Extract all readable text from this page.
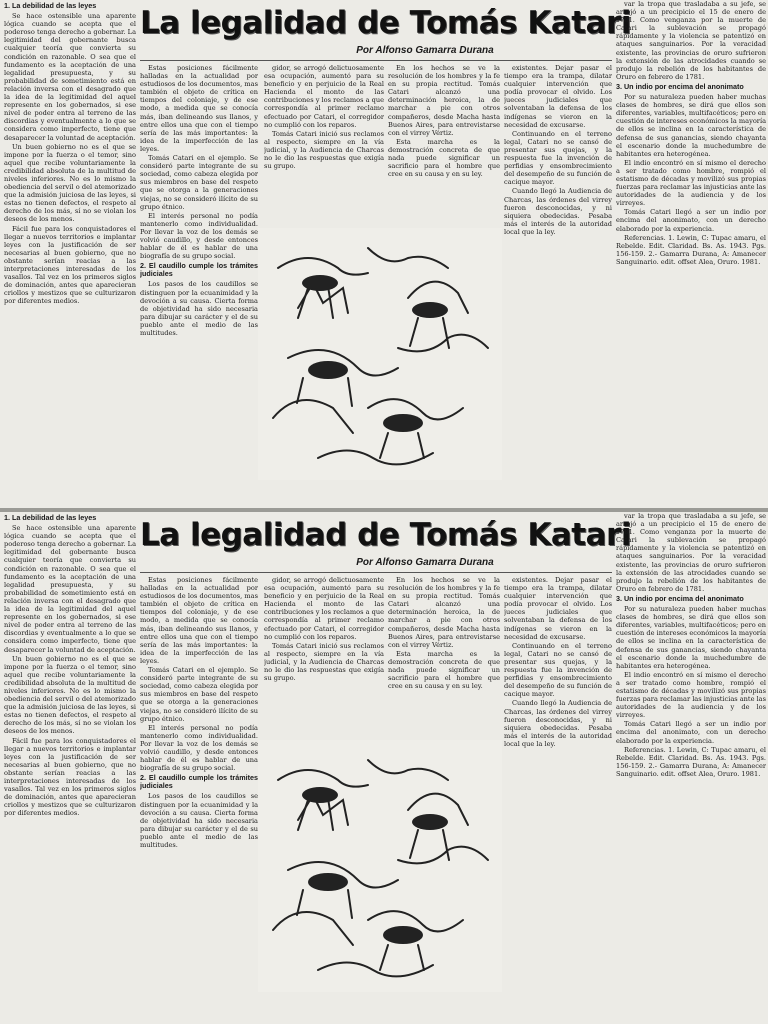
1. La debilidad de las leyes

Se hace ostensible una aparente lógica cuando se acepta que el poderoso tenga derecho a gobernar. La legitimidad del gobernante busca cualquier teoría que convierta su condición en razonable. O sea que el fundamento es la aceptación de una legalidad presupuesta, y su probabilidad de sometimiento está en relación inversa con el desagrado que la idea de la legitimidad del aquel represente en los gobernados, si ese nivel de poder entra al terreno de las discordias y eventualmente a lo que se considera como imperfecto, tiene que desaparecer la voluntad de aceptación.

Un buen gobierno no es el que se impone por la fuerza o el temor, sino aquel que recibe voluntariamente la credibilidad absoluta de la multitud de niveles inferiores. No es lo mismo la obediencia del servil o del atemorizado que la admisión juiciosa de las leyes, si estas no tienen defectos, el respeto al derecho de los más, sí no se violan los deseos de los menos.

Fácil fue para los conquistadores el llegar a nuevos territorios e implantar leyes con la justificación de ser necesarias al buen gobierno, que no obstante serían reacias a las interpretaciones interesadas de los vasallos. Tal vez en los primeros siglos de dominación, antes que aparecieran criollos y mestizos que se culturizaron por diferentes medios.

La legalidad de Tomás Katari
Por Alfonso Gamarra Durana

Estas posiciones fácilmente halladas en la actualidad por estudiosos de los documentos, mas también el objeto de crítica en tiempos del coloniaje, y de ese modo, a medida que se conocía más, iban delineando sus llanos, y entre ellos una que con el tiempo sería de las más importantes: la idea de la imperfección de las leyes.

Tomás Catari en el ejemplo. Se consideró parte integrante de su sociedad, como cabeza elegida por sus miembros en base del respeto que se otorga a la generaciones viejas, no se consideró ilícito de su grupo étnico.

El interés personal no podía mantenerlo como individualidad. Por llevar la voz de los demás se volvió caudillo, y desde entonces hablar de él es hablar de una biografía de su grupo social.

2. El caudillo cumple los trámites judiciales

Los pasos de los caudillos se distinguen por la ecuanimidad y la devoción a su causa. Cierta forma de objetividad ha sido necesaria para dibujar su carácter y el de su pueblo ante el medio de las multitudes.

gidor, se arrogó delictuosamente esa ocupación, aumentó para su beneficio y en perjuicio de la Real Hacienda el monto de las contribuciones y los reclamos a que correspondía al primer reclamo efectuado por Catari, el corregidor no cumplió con los reparos.

Tomás Catari inició sus reclamos al respecto, siempre en la vía judicial, y la Audiencia de Charcas no le dio las respuestas que exigía su grupo.

En los hechos se ve la resolución de los hombres y la fe en su propia rectitud. Tomás Catari alcanzó una determinación heroica, la de marchar a pie con otros compañeros, desde Macha hasta Buenos Aires, para entrevistarse con el virrey Vértiz.

Esta marcha es la demostración concreta de que nada puede significar un sacrificio para el hombre que cree en su causa y en su ley.

existentes. Dejar pasar el tiempo era la trampa, dilatar cualquier intervención que podía provocar el olvido. Los jueces judiciales que solventaban la defensa de los indígenas se vieron en la necesidad de excusarse.

Continuando en el terreno legal, Catari no se cansó de presentar sus quejas, y la respuesta fue la invención de perfidias y ensombrecimiento del desempeño de su función de cacique mayor.

Cuando llegó la Audiencia de Charcas, las órdenes del virrey fueron desconocidas, y ni siquiera obedecidas. Pesaba más el interés de la autoridad local que la ley.

var la tropa que trasladaba a su jefe, se arrojó a un precipicio el 15 de enero de 1781. Como venganza por la muerte de Catari la sublevación se propagó rápidamente y la violencia se patentizó en ataques sanguinarios. Por la veracidad existente, las provincias de oruro sufrieron la extensión de las atrocidades cuando se produjo la rebelión de los habitantes de Oruro en febrero de 1781.

3. Un indio por encima del anonimato

Por su naturaleza pueden haber muchas clases de hombres, se dirá que ellos son diferentes, variables, multifacéticos; pero en cuestión de intereses económicos la mayoría de ellos se inclina en la característica de defensa de sus ganancias, siendo chayanta el escenario donde la muchedumbre de habitantes era heterogénea.

El indio encontró en sí mismo el derecho a ser tratado como hombre, rompió el estatismo de décadas y movilizó sus propias fuerzas para reclamar las injusticias ante las autoridades de la audiencia y de los virreyes.

Tomás Catari llegó a ser un indio por encima del anonimato, con un derecho elaborado por la experiencia.

Referencias. 1. Lewin, C: Tupac amaru, el Rebelde. Edit. Claridad. Bs. As. 1943. Pgs. 156-159. 2.- Gamarra Durana, A: Amanecer Sanguinario. edit. offset Alea, Oruro. 1981.

1. La debilidad de las leyes

Se hace ostensible una aparente lógica cuando se acepta que el poderoso tenga derecho a gobernar. La legitimidad del gobernante busca cualquier teoría que convierta su condición en razonable. O sea que el fundamento es la aceptación de una legalidad presupuesta, y su probabilidad de sometimiento está en relación inversa con el desagrado que la idea de la legitimidad del aquel represente en los gobernados, si ese nivel de poder entra al terreno de las discordias y eventualmente a lo que se considera como imperfecto, tiene que desaparecer la voluntad de aceptación.

Un buen gobierno no es el que se impone por la fuerza o el temor, sino aquel que recibe voluntariamente la credibilidad absoluta de la multitud de niveles inferiores. No es lo mismo la obediencia del servil o del atemorizado que la admisión juiciosa de las leyes, si estas no tienen defectos, el respeto al derecho de los más, sí no se violan los deseos de los menos.

Fácil fue para los conquistadores el llegar a nuevos territorios e implantar leyes con la justificación de ser necesarias al buen gobierno, que no obstante serían reacias a las interpretaciones interesadas de los vasallos. Tal vez en los primeros siglos de dominación, antes que aparecieran criollos y mestizos que se culturizaron por diferentes medios.

La legalidad de Tomás Katari
Por Alfonso Gamarra Durana

Estas posiciones fácilmente halladas en la actualidad por estudiosos de los documentos, mas también el objeto de crítica en tiempos del coloniaje, y de ese modo, a medida que se conocía más, iban delineando sus llanos, y entre ellos una que con el tiempo sería de las más importantes: la idea de la imperfección de las leyes.

Tomás Catari en el ejemplo. Se consideró parte integrante de su sociedad, como cabeza elegida por sus miembros en base del respeto que se otorga a la generaciones viejas, no se consideró ilícito de su grupo étnico.

El interés personal no podía mantenerlo como individualidad. Por llevar la voz de los demás se volvió caudillo, y desde entonces hablar de él es hablar de una biografía de su grupo social.

2. El caudillo cumple los trámites judiciales

Los pasos de los caudillos se distinguen por la ecuanimidad y la devoción a su causa. Cierta forma de objetividad ha sido necesaria para dibujar su carácter y el de su pueblo ante el medio de las multitudes.

gidor, se arrogó delictuosamente esa ocupación, aumentó para su beneficio y en perjuicio de la Real Hacienda el monto de las contribuciones y los reclamos a que correspondía al primer reclamo efectuado por Catari, el corregidor no cumplió con los reparos.

Tomás Catari inició sus reclamos al respecto, siempre en la vía judicial, y la Audiencia de Charcas no le dio las respuestas que exigía su grupo.

En los hechos se ve la resolución de los hombres y la fe en su propia rectitud. Tomás Catari alcanzó una determinación heroica, la de marchar a pie con otros compañeros, desde Macha hasta Buenos Aires, para entrevistarse con el virrey Vértiz.

Esta marcha es la demostración concreta de que nada puede significar un sacrificio para el hombre que cree en su causa y en su ley.

existentes. Dejar pasar el tiempo era la trampa, dilatar cualquier intervención que podía provocar el olvido. Los jueces judiciales que solventaban la defensa de los indígenas se vieron en la necesidad de excusarse.

Continuando en el terreno legal, Catari no se cansó de presentar sus quejas, y la respuesta fue la invención de perfidias y ensombrecimiento del desempeño de su función de cacique mayor.

Cuando llegó la Audiencia de Charcas, las órdenes del virrey fueron desconocidas, y ni siquiera obedecidas. Pesaba más el interés de la autoridad local que la ley.

var la tropa que trasladaba a su jefe, se arrojó a un precipicio el 15 de enero de 1781. Como venganza por la muerte de Catari la sublevación se propagó rápidamente y la violencia se patentizó en ataques sanguinarios. Por la veracidad existente, las provincias de oruro sufrieron la extensión de las atrocidades cuando se produjo la rebelión de los habitantes de Oruro en febrero de 1781.

3. Un indio por encima del anonimato

Por su naturaleza pueden haber muchas clases de hombres, se dirá que ellos son diferentes, variables, multifacéticos; pero en cuestión de intereses económicos la mayoría de ellos se inclina en la característica de defensa de sus ganancias, siendo chayanta el escenario donde la muchedumbre de habitantes era heterogénea.

El indio encontró en sí mismo el derecho a ser tratado como hombre, rompió el estatismo de décadas y movilizó sus propias fuerzas para reclamar las injusticias ante las autoridades de la audiencia y de los virreyes.

Tomás Catari llegó a ser un indio por encima del anonimato, con un derecho elaborado por la experiencia.

Referencias. 1. Lewin, C: Tupac amaru, el Rebelde. Edit. Claridad. Bs. As. 1943. Pgs. 156-159. 2.- Gamarra Durana, A: Amanecer Sanguinario. edit. offset Alea, Oruro. 1981.
